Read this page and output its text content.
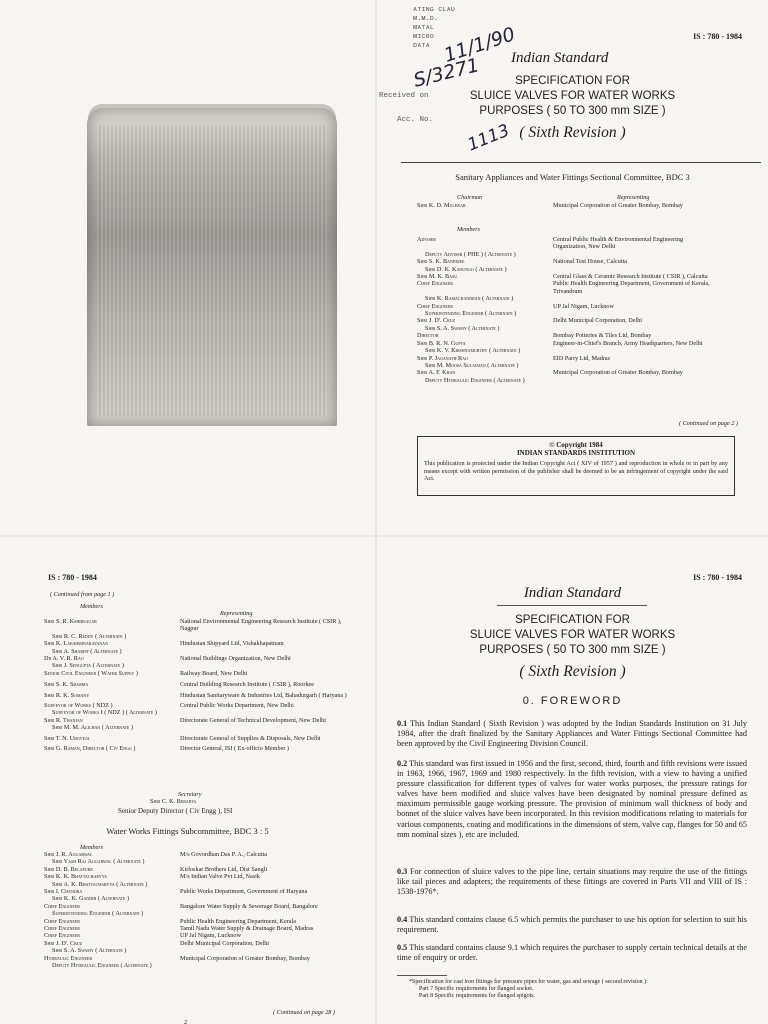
IS : 780 - 1984
ᴀᴛɪɴɢ ᴄʟᴀᴜ
ᴍ.ᴍ.ᴅ.
ᴍᴀᴛᴀʟ
ᴍɪᴄʀᴏ
ᴅᴀᴛᴀ
Received on
Acc. No.
11/1/90
S/3271
1113
Indian Standard
SPECIFICATION FOR
SLUICE VALVES FOR WATER WORKS
PURPOSES ( 50 TO 300 mm SIZE )
( Sixth Revision )
Sanitary Appliances and Water Fittings Sectional Committee, BDC 3
Chairman	Representing
Shri K. D. Mulekar	Municipal Corporation of Greater Bombay, Bombay
Members
Adviser	Central Public Health & Environmental Engineering Organization, New Delhi
Deputy Adviser ( PHE ) ( Alternate )
Shri S. K. Banerjee	National Test House, Calcutta
Shri D. K. Kanungo ( Alternate )
Shri M. K. Basu	Central Glass & Ceramic Research Institute ( CSIR ), Calcutta
Chief Engineer	Public Health Engineering Department, Government of Kerala, Trivandrum
Shri K. Ramachandran ( Alternate )
Chief Engineer	UP Jal Nigam, Lucknow
Superintending Engineer ( Alternate )
Shri J. D'. Cruz	Delhi Municipal Corporation, Delhi
Shri S. A. Swamy ( Alternate )
Director	Bombay Potteries & Tiles Ltd, Bombay
Shri B. R. N. Gupta	Engineer-in-Chief's Branch, Army Headquarters, New Delhi
Shri K. V. Krishnamurthy ( Alternate )
Shri P. Jaganath Rao	EID Parry Ltd, Madras
Shri M. Moosa Sulaiman ( Alternate )
Shri A. F. Khan	Municipal Corporation of Greater Bombay, Bombay
Deputy Hydraulic Engineer ( Alternate )
( Continued on page 2 )
© Copyright 1984
INDIAN STANDARDS INSTITUTION
This publication is protected under the Indian Copyright Act ( XIV of 1957 ) and reproduction in whole or in part by any means except with written permission of the publisher shall be deemed to be an infringement of copyright under the said Act.
IS : 780 - 1984
( Continued from page 1 )
Members
Representing
Shri S. R. Kshirsagar	National Environmental Engineering Research Institute ( CSIR ), Nagpur
Shri R. C. Reddy ( Alternate )
Shri K. Lakshminarayanan	Hindustan Shipyard Ltd, Vishakhapatnam
Shri A. Shariff ( Alternate )
Dr A. V. R. Rao	National Buildings Organization, New Delhi
Shri J. Sengupta ( Alternate )
Senior Civil Engineer ( Water Supply )	Railway Board, New Delhi
Shri S. K. Sharma	Central Building Research Institute ( CSIR ), Roorkee
Shri R. K. Somany	Hindustan Sanitaryware & Industries Ltd, Bahadurgarh ( Haryana )
Surveyor of Works ( NDZ )	Central Public Works Department, New Delhi
Surveyor of Works I ( NDZ ) ( Alternate )
Shri R. Thanjan	Directorate General of Technical Development, New Delhi
Shri M. M. Alichan ( Alternate )
Shri T. N. Uboveja	Directorate General of Supplies & Disposals, New Delhi
Shri G. Raman, Director ( Civ Engg )	Director General, ISI ( Ex-officio Member )
Secretary
Shri C. K. Bebarta
Senior Deputy Director ( Civ Engg ), ISI
Water Works Fittings Subcommittee, BDC 3 : 5
Members
Shri J. R. Aggarwal	M/s Govordhan Das P. A., Calcutta
Shri Yash Raj Aggarwal ( Alternate )
Shri D. B. Belapure	Kirloskar Brothers Ltd, Dist Sangli
Shri K. K. Bhattacharyya	M/s Indian Valve Pvt Ltd, Nasik
Shri A. K. Bhattacharyya ( Alternate )
Shri I. Chandra	Public Works Department, Government of Haryana
Shri K. K. Gandhi ( Alternate )
Chief Engineer	Bangalore Water Supply & Sewerage Board, Bangalore
Superintending Engineer ( Alternate )
Chief Engineer	Public Health Engineering Department, Kerala
Chief Engineer	Tamil Nadu Water Supply & Drainage Board, Madras
Chief Engineer	UP Jal Nigam, Lucknow
Shri J. D'. Cruz	Delhi Municipal Corporation, Delhi
Shri S. A. Swamy ( Alternate )
Hydraulic Engineer	Municipal Corporation of Greater Bombay, Bombay
Deputy Hydraulic Engineer ( Alternate )
( Continued on page 28 )
2
IS : 780 - 1984
Indian Standard
SPECIFICATION FOR
SLUICE VALVES FOR WATER WORKS
PURPOSES ( 50 TO 300 mm SIZE )
( Sixth Revision )
0. FOREWORD
0.1 This Indian Standard ( Sixth Revision ) was adopted by the Indian Standards Institution on 31 July 1984, after the draft finalized by the Sanitary Appliances and Water Fittings Sectional Committee had been approved by the Civil Engineering Division Council.
0.2 This standard was first issued in 1956 and the first, second, third, fourth and fifth revisions were issued in 1963, 1966, 1967, 1969 and 1980 respectively. In the fifth revision, with a view to having a unified pressure classification for different types of valves for water works purposes, the pressure ratings for valves have been modified and sluice valves have been designated by nominal pressure defined as maximum permissible gauge working pressure. The provision of minimum wall thickness of body and bonnet of the sluice valves have been incorporated. In this revision modifications relating to materials for various components, coating and modifications in the dimensions of stem, valve cap, flanges for 50 and 65 mm nominal sizes ), etc are included.
0.3 For connection of sluice valves to the pipe line, certain situations may require the use of the fittings like tail pieces and adapters; the requirements of these fittings are covered in Parts VII and VIII of IS : 1538-1976*.
0.4 This standard contains clause 6.5 which permits the purchaser to use his option for selection to suit his requirement.
0.5 This standard contains clause 9.1 which requires the purchaser to supply certain technical details at the time of enquiry or order.
*Specification for cast iron fittings for pressure pipes for water, gas and sewage ( second revision ):
Part 7 Specific requirements for flanged socket.
Part 8 Specific requirements for flanged spigots.
